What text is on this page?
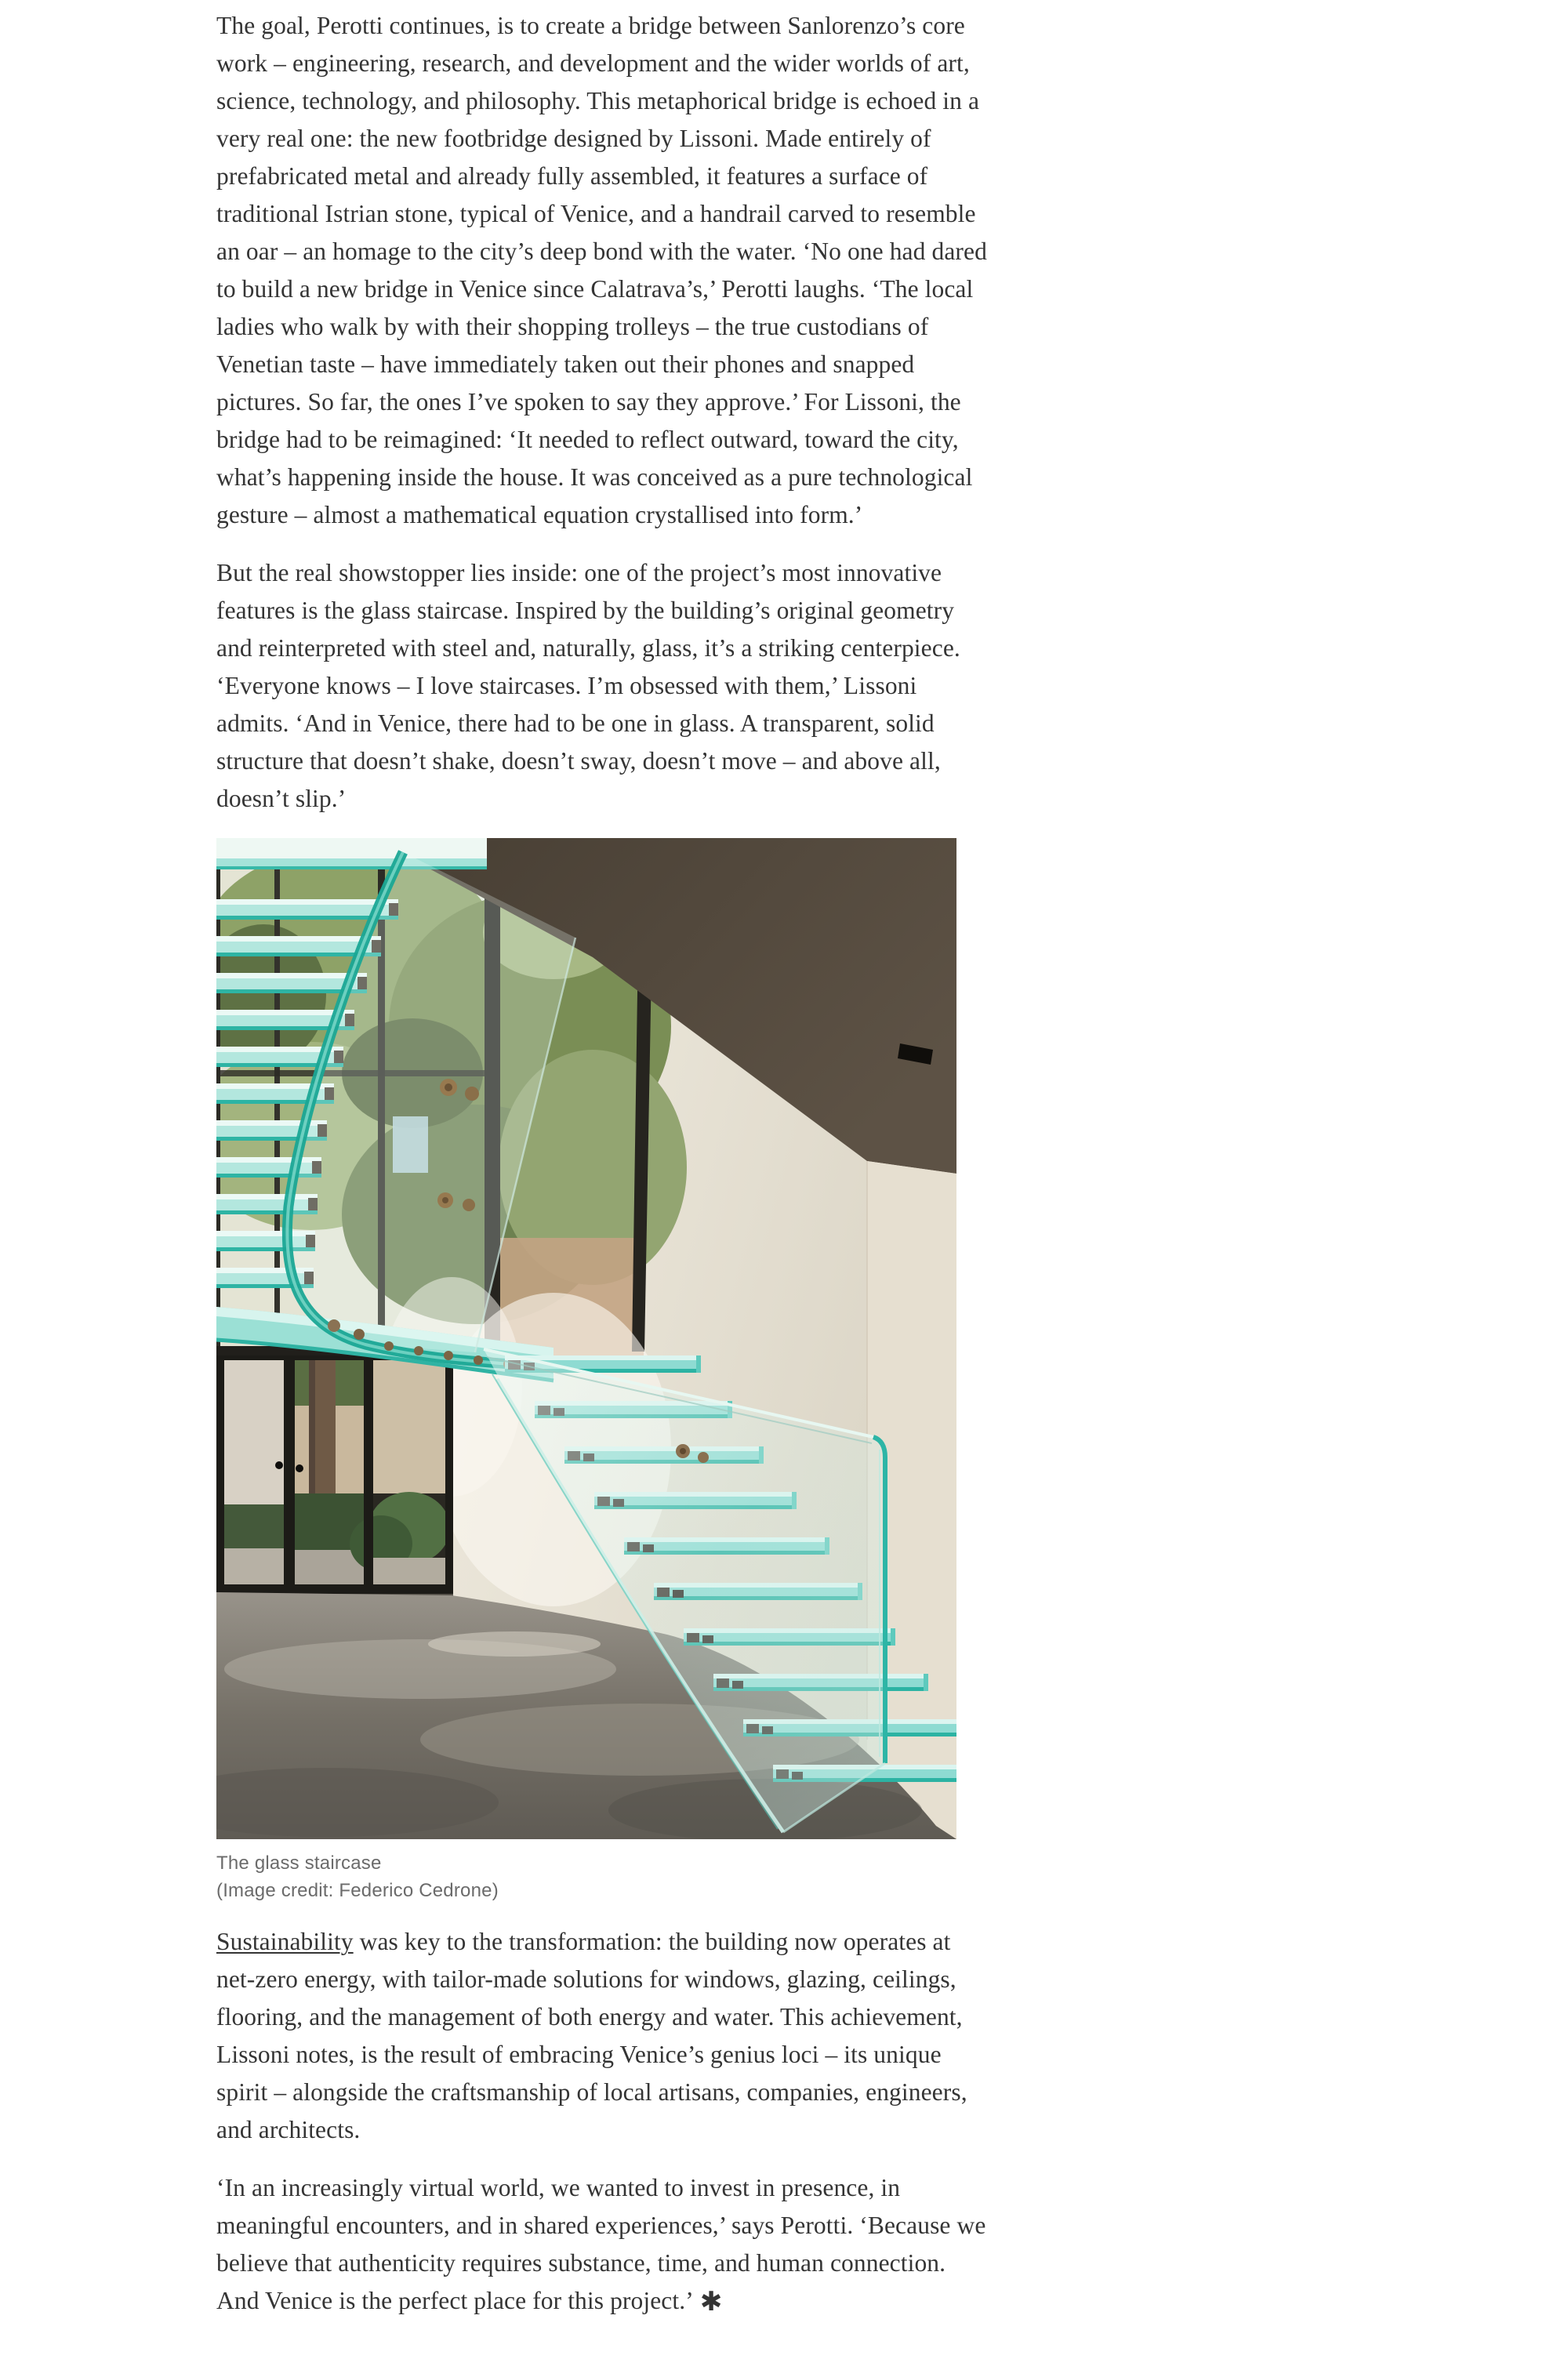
The goal, Perotti continues, is to create a bridge between Sanlorenzo’s core work – engineering, research, and development and the wider worlds of art, science, technology, and philosophy. This metaphorical bridge is echoed in a very real one: the new footbridge designed by Lissoni. Made entirely of prefabricated metal and already fully assembled, it features a surface of traditional Istrian stone, typical of Venice, and a handrail carved to resemble an oar – an homage to the city’s deep bond with the water. ‘No one had dared to build a new bridge in Venice since Calatrava’s,’ Perotti laughs. ‘The local ladies who walk by with their shopping trolleys – the true custodians of Venetian taste – have immediately taken out their phones and snapped pictures. So far, the ones I’ve spoken to say they approve.’ For Lissoni, the bridge had to be reimagined: ‘It needed to reflect outward, toward the city, what’s happening inside the house. It was conceived as a pure technological gesture – almost a mathematical equation crystallised into form.’

But the real showstopper lies inside: one of the project’s most innovative features is the glass staircase. Inspired by the building’s original geometry and reinterpreted with steel and, naturally, glass, it’s a striking centerpiece. ‘Everyone knows – I love staircases. I’m obsessed with them,’ Lissoni admits. ‘And in Venice, there had to be one in glass. A transparent, solid structure that doesn’t shake, doesn’t sway, doesn’t move – and above all, doesn’t slip.’

The glass staircase
(Image credit: Federico Cedrone)

Sustainability was key to the transformation: the building now operates at net-zero energy, with tailor-made solutions for windows, glazing, ceilings, flooring, and the management of both energy and water. This achievement, Lissoni notes, is the result of embracing Venice’s genius loci – its unique spirit – alongside the craftsmanship of local artisans, companies, engineers, and architects.

‘In an increasingly virtual world, we wanted to invest in presence, in meaningful encounters, and in shared experiences,’ says Perotti. ‘Because we believe that authenticity requires substance, time, and human connection. And Venice is the perfect place for this project.’ ✱
